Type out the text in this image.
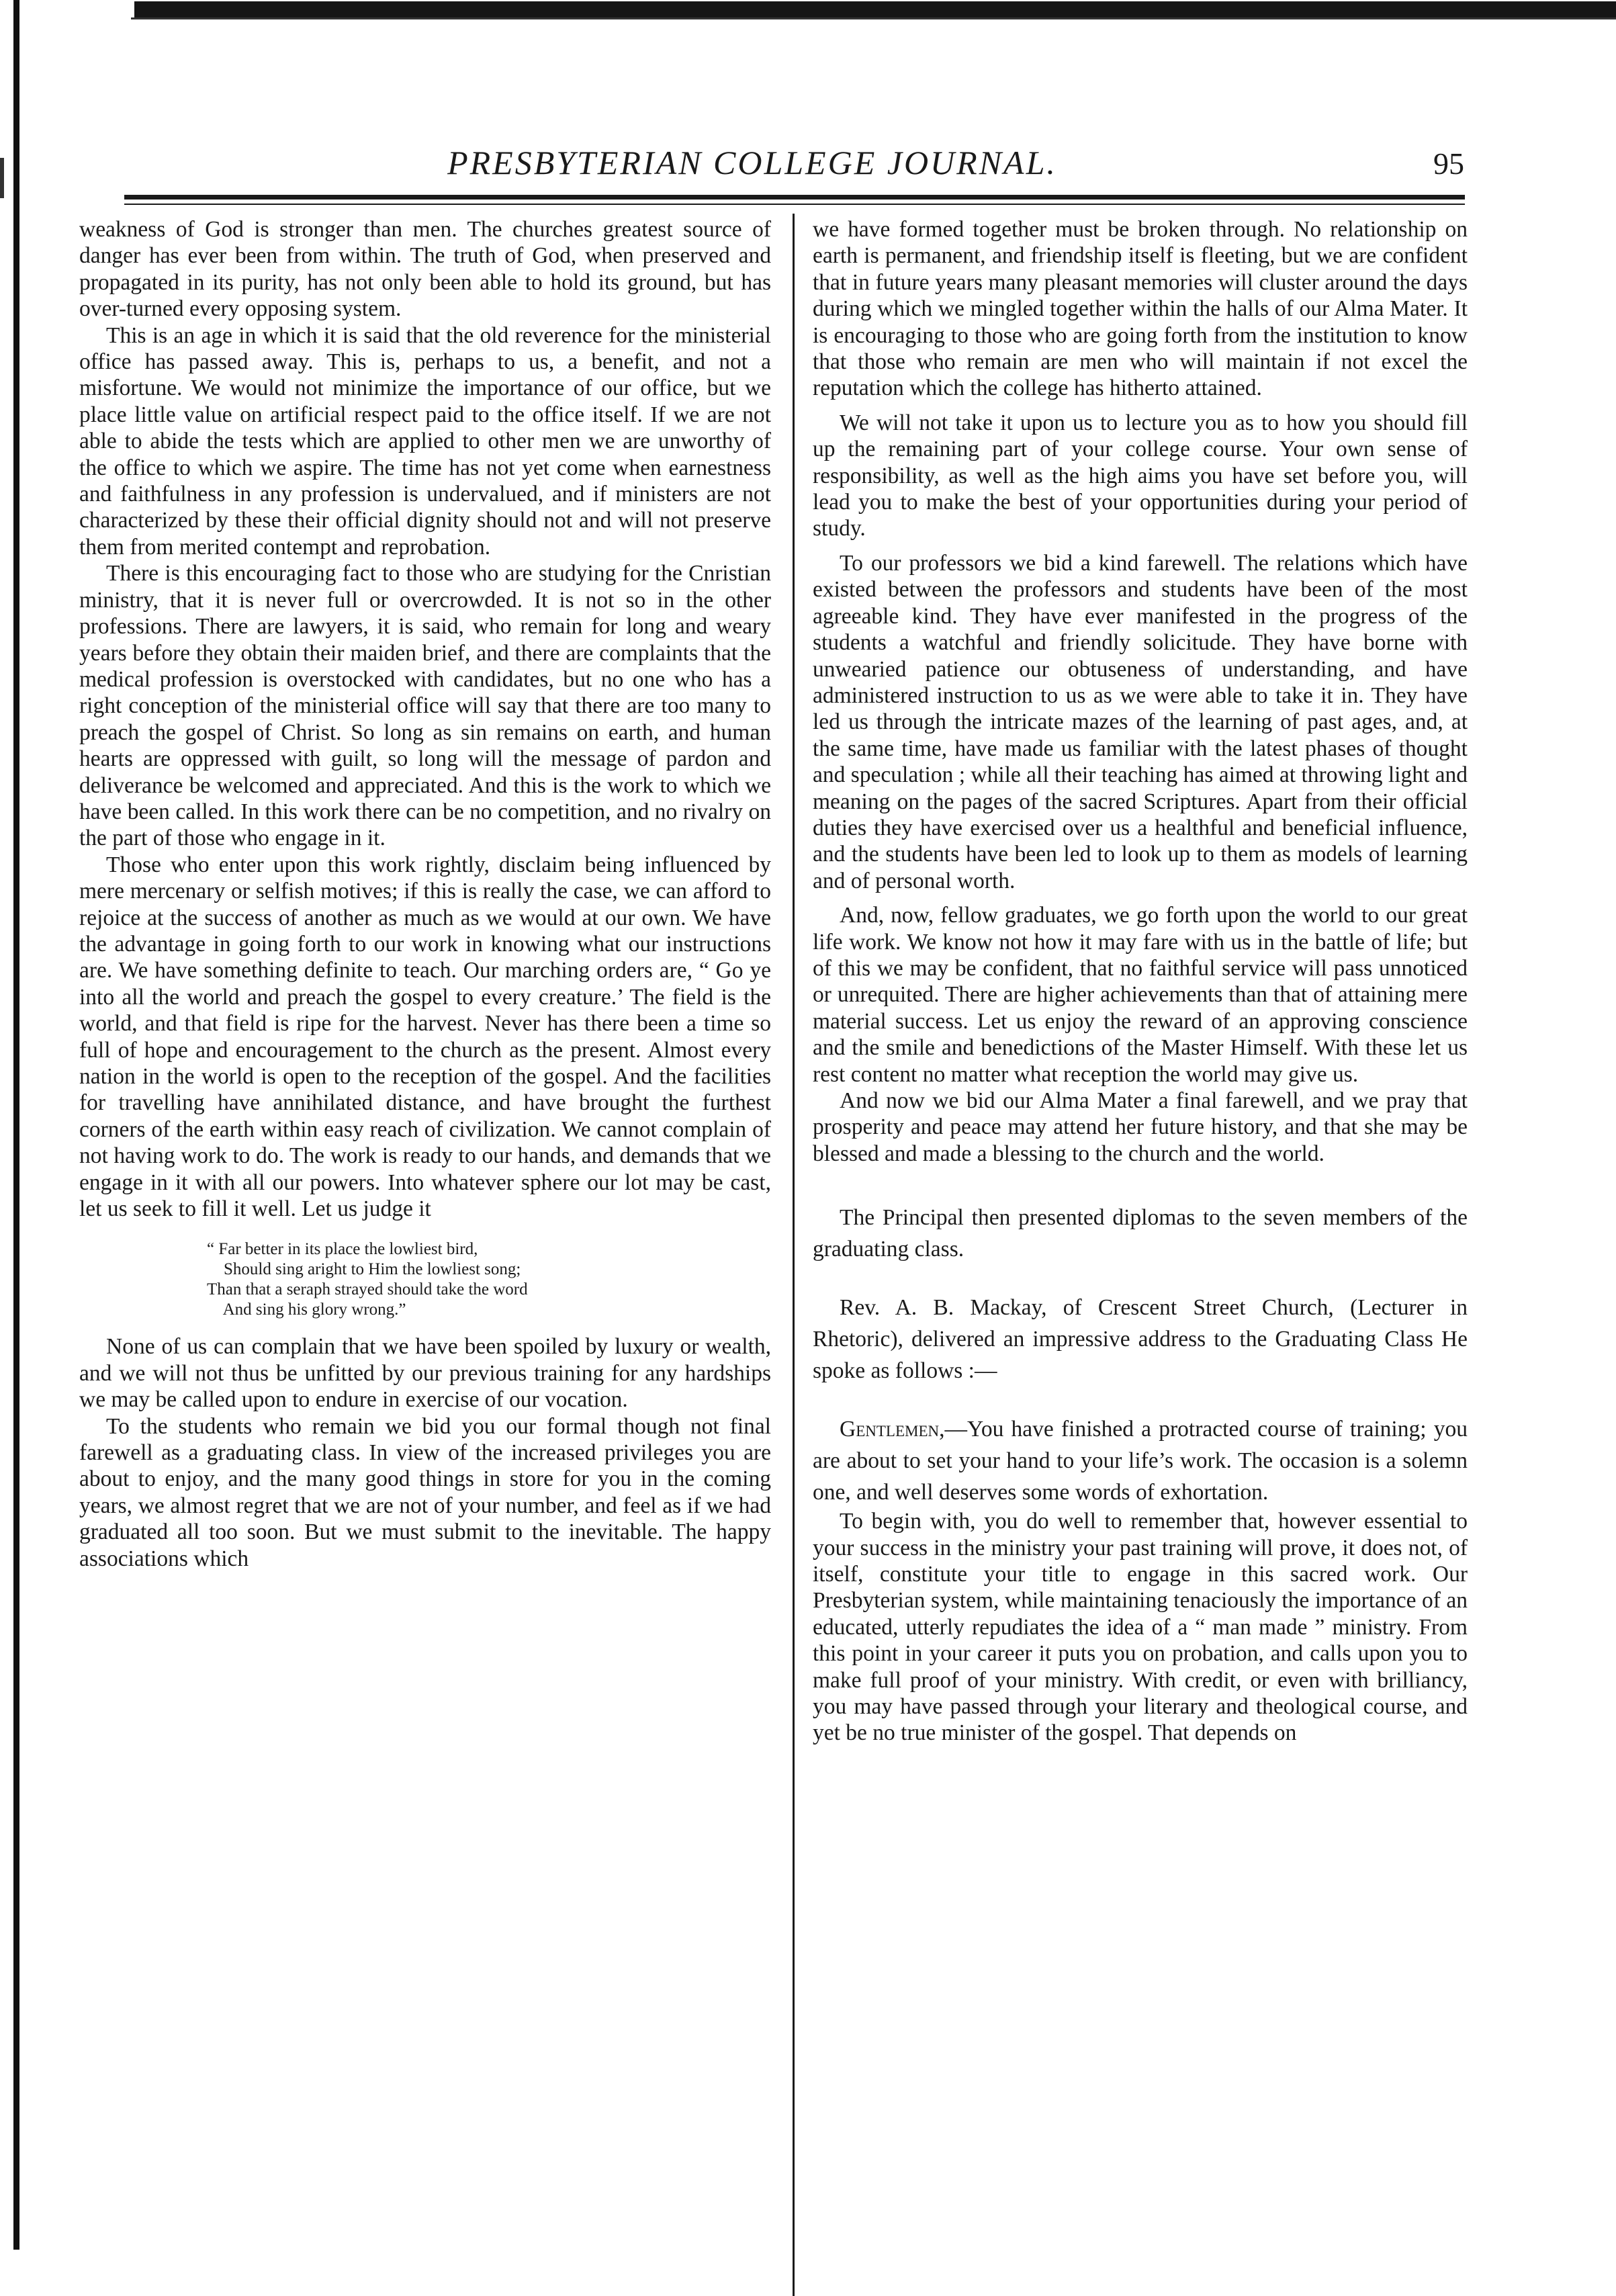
PRESBYTERIAN COLLEGE JOURNAL.	95

weakness of God is stronger than men. The churches greatest source of danger has ever been from within. The truth of God, when preserved and propagated in its purity, has not only been able to hold its ground, but has over-turned every opposing system.

This is an age in which it is said that the old reverence for the ministerial office has passed away. This is, perhaps to us, a benefit, and not a misfortune. We would not minimize the importance of our office, but we place little value on artificial respect paid to the office itself. If we are not able to abide the tests which are applied to other men we are unworthy of the office to which we aspire. The time has not yet come when earnestness and faithfulness in any profession is undervalued, and if ministers are not characterized by these their official dignity should not and will not preserve them from merited contempt and reprobation.

There is this encouraging fact to those who are studying for the Cnristian ministry, that it is never full or overcrowded. It is not so in the other professions. There are lawyers, it is said, who remain for long and weary years before they obtain their maiden brief, and there are complaints that the medical profession is overstocked with candidates, but no one who has a right conception of the ministerial office will say that there are too many to preach the gospel of Christ. So long as sin remains on earth, and human hearts are oppressed with guilt, so long will the message of pardon and deliverance be welcomed and appreciated. And this is the work to which we have been called. In this work there can be no competition, and no rivalry on the part of those who engage in it.

Those who enter upon this work rightly, disclaim being influenced by mere mercenary or selfish motives; if this is really the case, we can afford to rejoice at the success of another as much as we would at our own. We have the advantage in going forth to our work in knowing what our instructions are. We have something definite to teach. Our marching orders are, “ Go ye into all the world and preach the gospel to every creature.’ The field is the world, and that field is ripe for the harvest. Never has there been a time so full of hope and encouragement to the church as the present. Almost every nation in the world is open to the reception of the gospel. And the facilities for travelling have annihilated distance, and have brought the furthest corners of the earth within easy reach of civilization. We cannot complain of not having work to do. The work is ready to our hands, and demands that we engage in it with all our powers. Into whatever sphere our lot may be cast, let us seek to fill it well. Let us judge it

“ Far better in its place the lowliest bird,
Should sing aright to Him the lowliest song;
Than that a seraph strayed should take the word
And sing his glory wrong.”

None of us can complain that we have been spoiled by luxury or wealth, and we will not thus be unfitted by our previous training for any hardships we may be called upon to endure in exercise of our vocation.

To the students who remain we bid you our formal though not final farewell as a graduating class. In view of the increased privileges you are about to enjoy, and the many good things in store for you in the coming years, we almost regret that we are not of your number, and feel as if we had graduated all too soon. But we must submit to the inevitable. The happy associations which

we have formed together must be broken through. No relationship on earth is permanent, and friendship itself is fleeting, but we are confident that in future years many pleasant memories will cluster around the days during which we mingled together within the halls of our Alma Mater. It is encouraging to those who are going forth from the institution to know that those who remain are men who will maintain if not excel the reputation which the college has hitherto attained.

We will not take it upon us to lecture you as to how you should fill up the remaining part of your college course. Your own sense of responsibility, as well as the high aims you have set before you, will lead you to make the best of your opportunities during your period of study.

To our professors we bid a kind farewell. The relations which have existed between the professors and students have been of the most agreeable kind. They have ever manifested in the progress of the students a watchful and friendly solicitude. They have borne with unwearied patience our obtuseness of understanding, and have administered instruction to us as we were able to take it in. They have led us through the intricate mazes of the learning of past ages, and, at the same time, have made us familiar with the latest phases of thought and speculation ; while all their teaching has aimed at throwing light and meaning on the pages of the sacred Scriptures. Apart from their official duties they have exercised over us a healthful and beneficial influence, and the students have been led to look up to them as models of learning and of personal worth.

And, now, fellow graduates, we go forth upon the world to our great life work. We know not how it may fare with us in the battle of life; but of this we may be confident, that no faithful service will pass unnoticed or unrequited. There are higher achievements than that of attaining mere material success. Let us enjoy the reward of an approving conscience and the smile and benedictions of the Master Himself. With these let us rest content no matter what reception the world may give us.

And now we bid our Alma Mater a final farewell, and we pray that prosperity and peace may attend her future history, and that she may be blessed and made a blessing to the church and the world.

The Principal then presented diplomas to the seven members of the graduating class.

Rev. A. B. Mackay, of Crescent Street Church, (Lecturer in Rhetoric), delivered an impressive address to the Graduating Class He spoke as follows :—

Gentlemen,—You have finished a protracted course of training; you are about to set your hand to your life’s work. The occasion is a solemn one, and well deserves some words of exhortation.

To begin with, you do well to remember that, however essential to your success in the ministry your past training will prove, it does not, of itself, constitute your title to engage in this sacred work. Our Presbyterian system, while maintaining tenaciously the importance of an educated, utterly repudiates the idea of a “ man made ” ministry. From this point in your career it puts you on probation, and calls upon you to make full proof of your ministry. With credit, or even with brilliancy, you may have passed through your literary and theological course, and yet be no true minister of the gospel. That depends on
